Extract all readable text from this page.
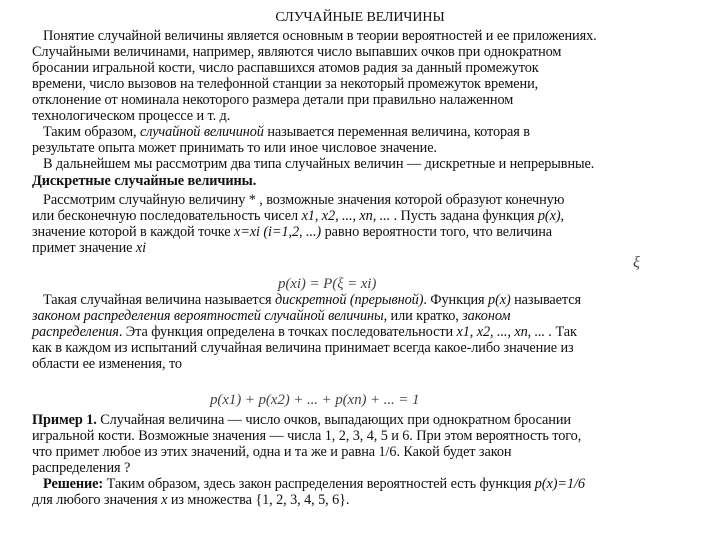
СЛУЧАЙНЫЕ ВЕЛИЧИНЫ
Понятие случайной величины является основным в теории вероятностей и ее приложениях.
Случайными величинами, например, являются число выпавших очков при однократном
бросании игральной кости, число распавшихся атомов радия за данный промежуток
времени, число вызовов на телефонной станции за некоторый промежуток времени,
отклонение от номинала некоторого размера детали при правильно налаженном
технологическом процессе и т. д.
Таким образом, случайной величиной называется переменная величина, которая в
результате опыта может принимать то или иное числовое значение.
В дальнейшем мы рассмотрим два типа случайных величин — дискретные и непрерывные.
Дискретные случайные величины.
Рассмотрим случайную величину * , возможные значения которой образуют конечную
или бесконечную последовательность чисел x1, x2, ..., xn, ... . Пусть задана функция p(x),
значение которой в каждой точке x=xi (i=1,2, ...) равно вероятности того, что величина
примет значение xi
ξ
p(xi) = P(ξ = xi)
Такая случайная величина называется дискретной (прерывной). Функция p(x) называется
законом распределения вероятностей случайной величины, или кратко, законом
распределения. Эта функция определена в точках последовательности x1, x2, ..., xn, ... . Так
как в каждом из испытаний случайная величина принимает всегда какое-либо значение из
области ее изменения, то
p(x1) + p(x2) + ... + p(xn) + ... = 1
Пример 1. Случайная величина — число очков, выпадающих при однократном бросании
игральной кости. Возможные значения — числа 1, 2, 3, 4, 5 и 6. При этом вероятность того,
что примет любое из этих значений, одна и та же и равна 1/6. Какой будет закон
распределения ?
Решение: Таким образом, здесь закон распределения вероятностей есть функция p(x)=1/6
для любого значения x из множества {1, 2, 3, 4, 5, 6}.
